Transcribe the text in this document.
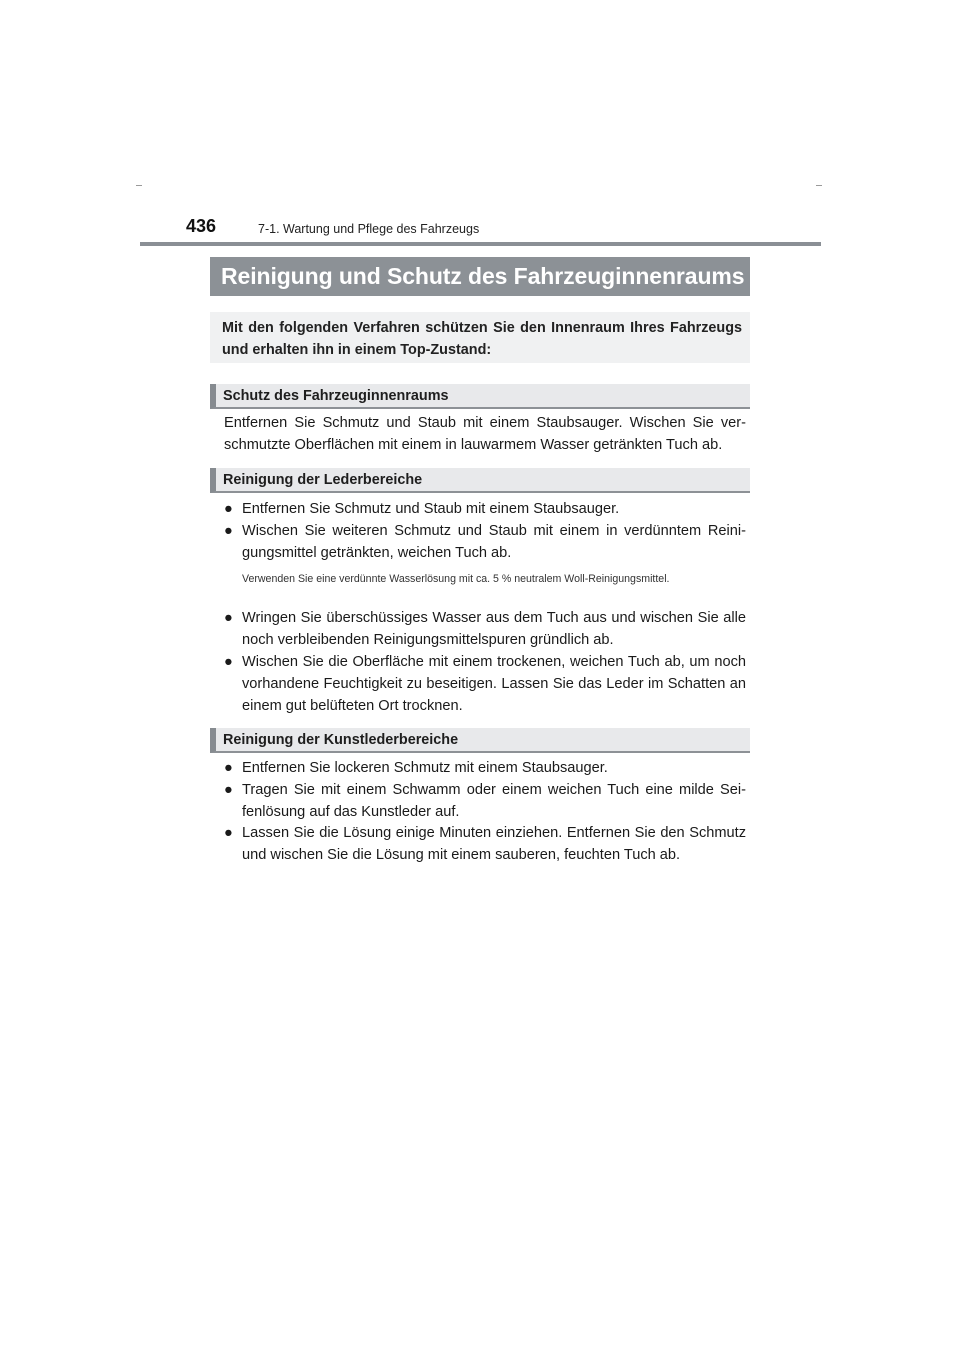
436	7-1. Wartung und Pflege des Fahrzeugs
Reinigung und Schutz des Fahrzeuginnenraums
Mit den folgenden Verfahren schützen Sie den Innenraum Ihres Fahrzeugs und erhalten ihn in einem Top-Zustand:
Schutz des Fahrzeuginnenraums

Entfernen Sie Schmutz und Staub mit einem Staubsauger. Wischen Sie verschmutzte Oberflächen mit einem in lauwarmem Wasser getränkten Tuch ab.

Reinigung der Lederbereiche
● Entfernen Sie Schmutz und Staub mit einem Staubsauger.
● Wischen Sie weiteren Schmutz und Staub mit einem in verdünntem Reinigungsmittel getränkten, weichen Tuch ab.
Verwenden Sie eine verdünnte Wasserlösung mit ca. 5 % neutralem Woll-Reinigungsmittel.
● Wringen Sie überschüssiges Wasser aus dem Tuch aus und wischen Sie alle noch verbleibenden Reinigungsmittelspuren gründlich ab.
● Wischen Sie die Oberfläche mit einem trockenen, weichen Tuch ab, um noch vorhandene Feuchtigkeit zu beseitigen. Lassen Sie das Leder im Schatten an einem gut belüfteten Ort trocknen.
Reinigung der Kunstlederbereiche
● Entfernen Sie lockeren Schmutz mit einem Staubsauger.
● Tragen Sie mit einem Schwamm oder einem weichen Tuch eine milde Seifenlösung auf das Kunstleder auf.
● Lassen Sie die Lösung einige Minuten einziehen. Entfernen Sie den Schmutz und wischen Sie die Lösung mit einem sauberen, feuchten Tuch ab.
